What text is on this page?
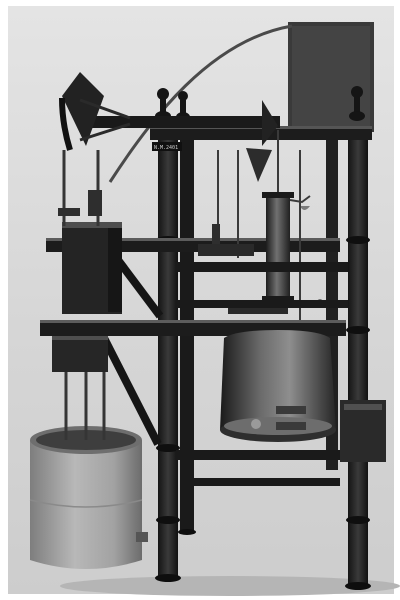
N.M.2401
